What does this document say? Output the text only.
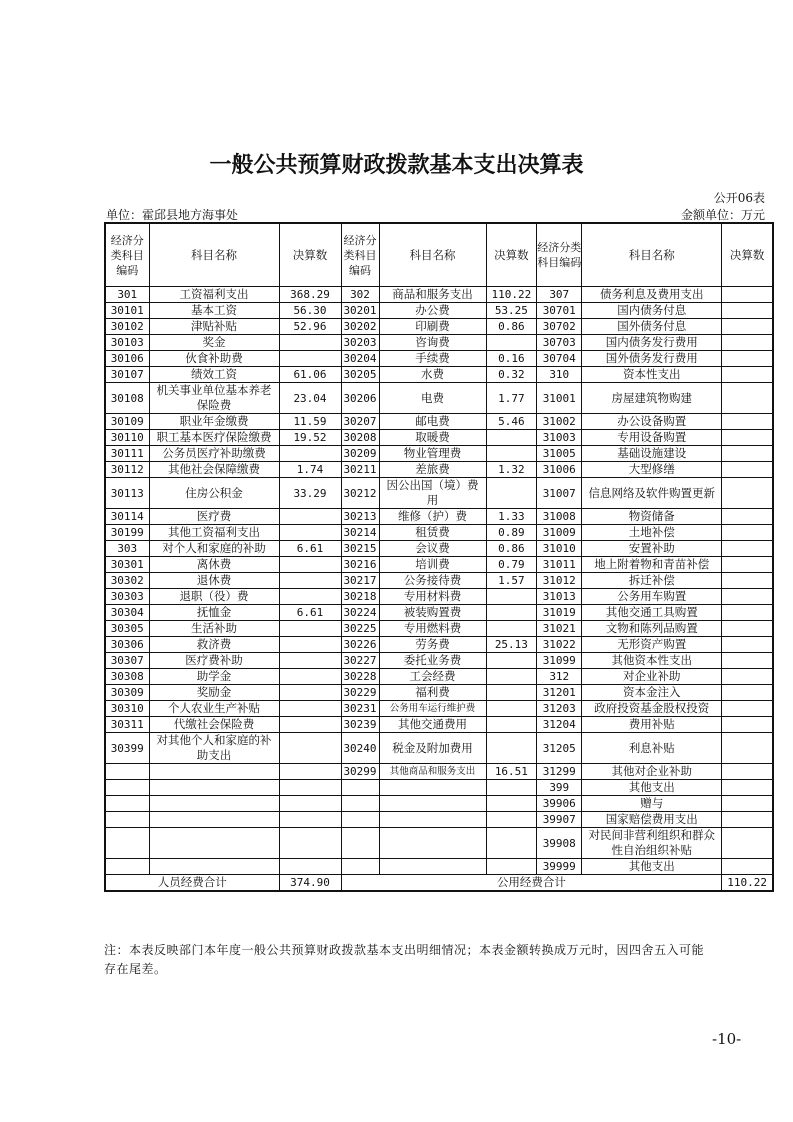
一般公共预算财政拨款基本支出决算表
公开06表
单位：霍邱县地方海事处	金额单位：万元
经济分类科目编码	科目名称	决算数	经济分类科目编码	科目名称	决算数	经济分类科目编码	科目名称	决算数
301	工资福利支出	368.29	302	商品和服务支出	110.22	307	债务利息及费用支出	
30101	基本工资	56.30	30201	办公费	53.25	30701	国内债务付息	
30102	津贴补贴	52.96	30202	印刷费	0.86	30702	国外债务付息	
30103	奖金		30203	咨询费		30703	国内债务发行费用	
30106	伙食补助费		30204	手续费	0.16	30704	国外债务发行费用	
30107	绩效工资	61.06	30205	水费	0.32	310	资本性支出	
30108	机关事业单位基本养老保险费	23.04	30206	电费	1.77	31001	房屋建筑物购建	
30109	职业年金缴费	11.59	30207	邮电费	5.46	31002	办公设备购置	
30110	职工基本医疗保险缴费	19.52	30208	取暖费		31003	专用设备购置	
30111	公务员医疗补助缴费		30209	物业管理费		31005	基础设施建设	
30112	其他社会保障缴费	1.74	30211	差旅费	1.32	31006	大型修缮	
30113	住房公积金	33.29	30212	因公出国（境）费用		31007	信息网络及软件购置更新	
30114	医疗费		30213	维修（护）费	1.33	31008	物资储备	
30199	其他工资福利支出		30214	租赁费	0.89	31009	土地补偿	
303	对个人和家庭的补助	6.61	30215	会议费	0.86	31010	安置补助	
30301	离休费		30216	培训费	0.79	31011	地上附着物和青苗补偿	
30302	退休费		30217	公务接待费	1.57	31012	拆迁补偿	
30303	退职（役）费		30218	专用材料费		31013	公务用车购置	
30304	抚恤金	6.61	30224	被装购置费		31019	其他交通工具购置	
30305	生活补助		30225	专用燃料费		31021	文物和陈列品购置	
30306	救济费		30226	劳务费	25.13	31022	无形资产购置	
30307	医疗费补助		30227	委托业务费		31099	其他资本性支出	
30308	助学金		30228	工会经费		312	对企业补助	
30309	奖励金		30229	福利费		31201	资本金注入	
30310	个人农业生产补贴		30231	公务用车运行维护费		31203	政府投资基金股权投资	
30311	代缴社会保险费		30239	其他交通费用		31204	费用补贴	
30399	对其他个人和家庭的补助支出		30240	税金及附加费用		31205	利息补贴	
			30299	其他商品和服务支出	16.51	31299	其他对企业补助	
						399	其他支出	
						39906	赠与	
						39907	国家赔偿费用支出	
						39908	对民间非营利组织和群众性自治组织补贴	
						39999	其他支出	
人员经费合计		374.90	公用经费合计					110.22
注：本表反映部门本年度一般公共预算财政拨款基本支出明细情况；本表金额转换成万元时，因四舍五入可能存在尾差。
-10-
